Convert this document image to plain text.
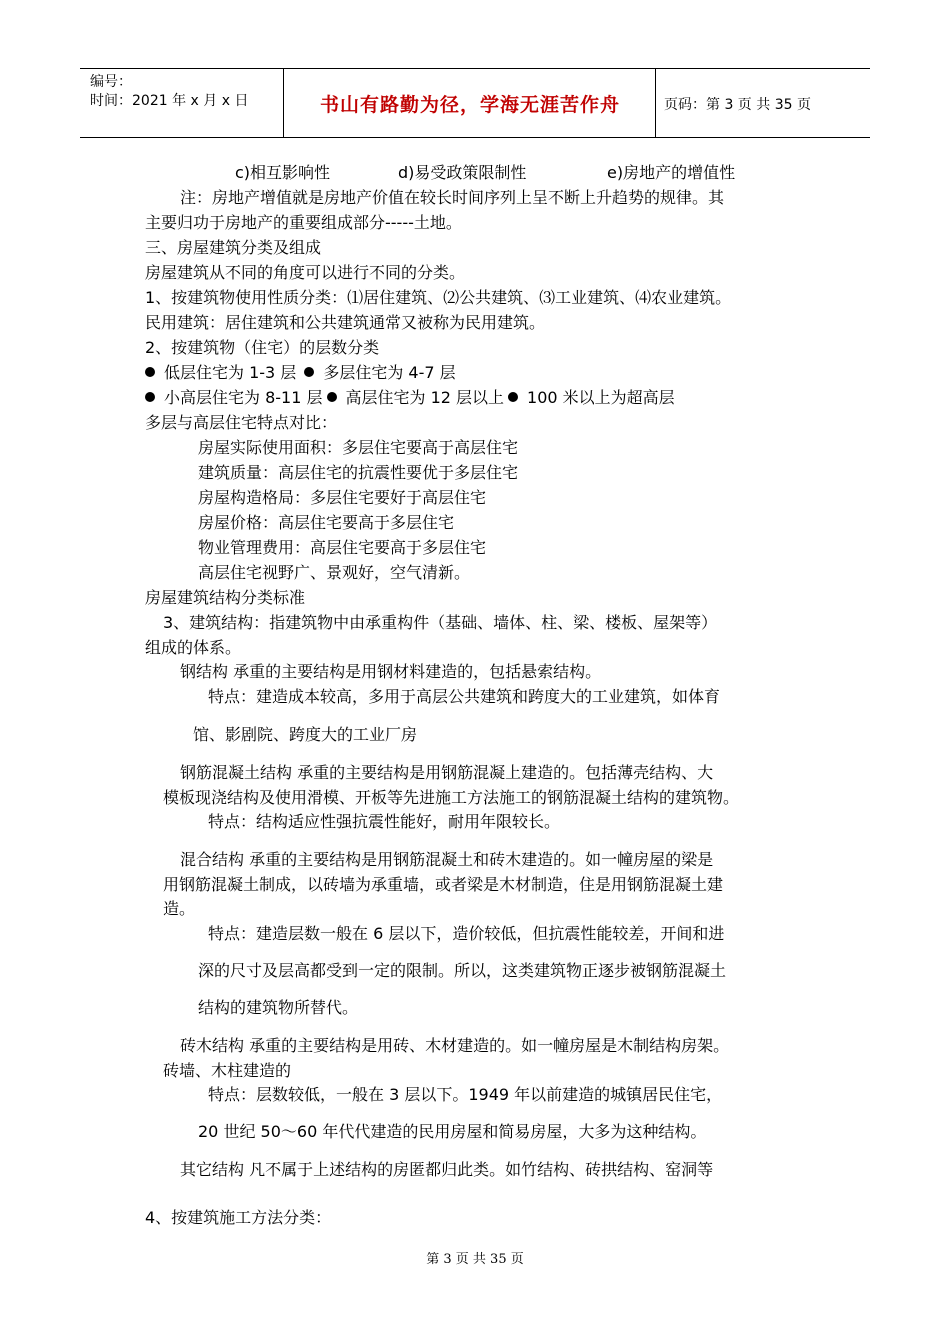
编号：
时间：2021 年 x 月 x 日	书山有路勤为径，学海无涯苦作舟	页码：第 3 页 共 35 页
c)相互影响性	d)易受政策限制性	e)房地产的增值性
注：房地产增值就是房地产价值在较长时间序列上呈不断上升趋势的规律。其
主要归功于房地产的重要组成部分-----土地。
三、房屋建筑分类及组成
房屋建筑从不同的角度可以进行不同的分类。
1、按建筑物使用性质分类：⑴居住建筑、⑵公共建筑、⑶工业建筑、⑷农业建筑。
民用建筑：居住建筑和公共建筑通常又被称为民用建筑。
2、按建筑物（住宅）的层数分类
低层住宅为 1-3 层 多层住宅为 4-7 层
小高层住宅为 8-11 层 高层住宅为 12 层以上 100 米以上为超高层
多层与高层住宅特点对比：
房屋实际使用面积：多层住宅要高于高层住宅
建筑质量：高层住宅的抗震性要优于多层住宅
房屋构造格局：多层住宅要好于高层住宅
房屋价格：高层住宅要高于多层住宅
物业管理费用：高层住宅要高于多层住宅
高层住宅视野广、景观好，空气清新。
房屋建筑结构分类标准
3、建筑结构：指建筑物中由承重构件（基础、墙体、柱、梁、楼板、屋架等）
组成的体系。
钢结构 承重的主要结构是用钢材料建造的，包括悬索结构。
特点：建造成本较高，多用于高层公共建筑和跨度大的工业建筑，如体育
馆、影剧院、跨度大的工业厂房
钢筋混凝土结构 承重的主要结构是用钢筋混凝上建造的。包括薄壳结构、大
模板现浇结构及使用滑模、开板等先进施工方法施工的钢筋混凝土结构的建筑物。
特点：结构适应性强抗震性能好，耐用年限较长。
混合结构 承重的主要结构是用钢筋混凝土和砖木建造的。如一幢房屋的梁是
用钢筋混凝土制成，以砖墙为承重墙，或者梁是木材制造，住是用钢筋混凝土建
造。
特点：建造层数一般在 6 层以下，造价较低，但抗震性能较差，开间和进
深的尺寸及层高都受到一定的限制。所以，这类建筑物正逐步被钢筋混凝土
结构的建筑物所替代。
砖木结构 承重的主要结构是用砖、木材建造的。如一幢房屋是木制结构房架。
砖墙、木柱建造的
特点：层数较低，一般在 3 层以下。1949 年以前建造的城镇居民住宅，
20 世纪 50～60 年代代建造的民用房屋和简易房屋，大多为这种结构。
其它结构 凡不属于上述结构的房匿都归此类。如竹结构、砖拱结构、窑洞等
4、按建筑施工方法分类：
第 3 页 共 35 页
